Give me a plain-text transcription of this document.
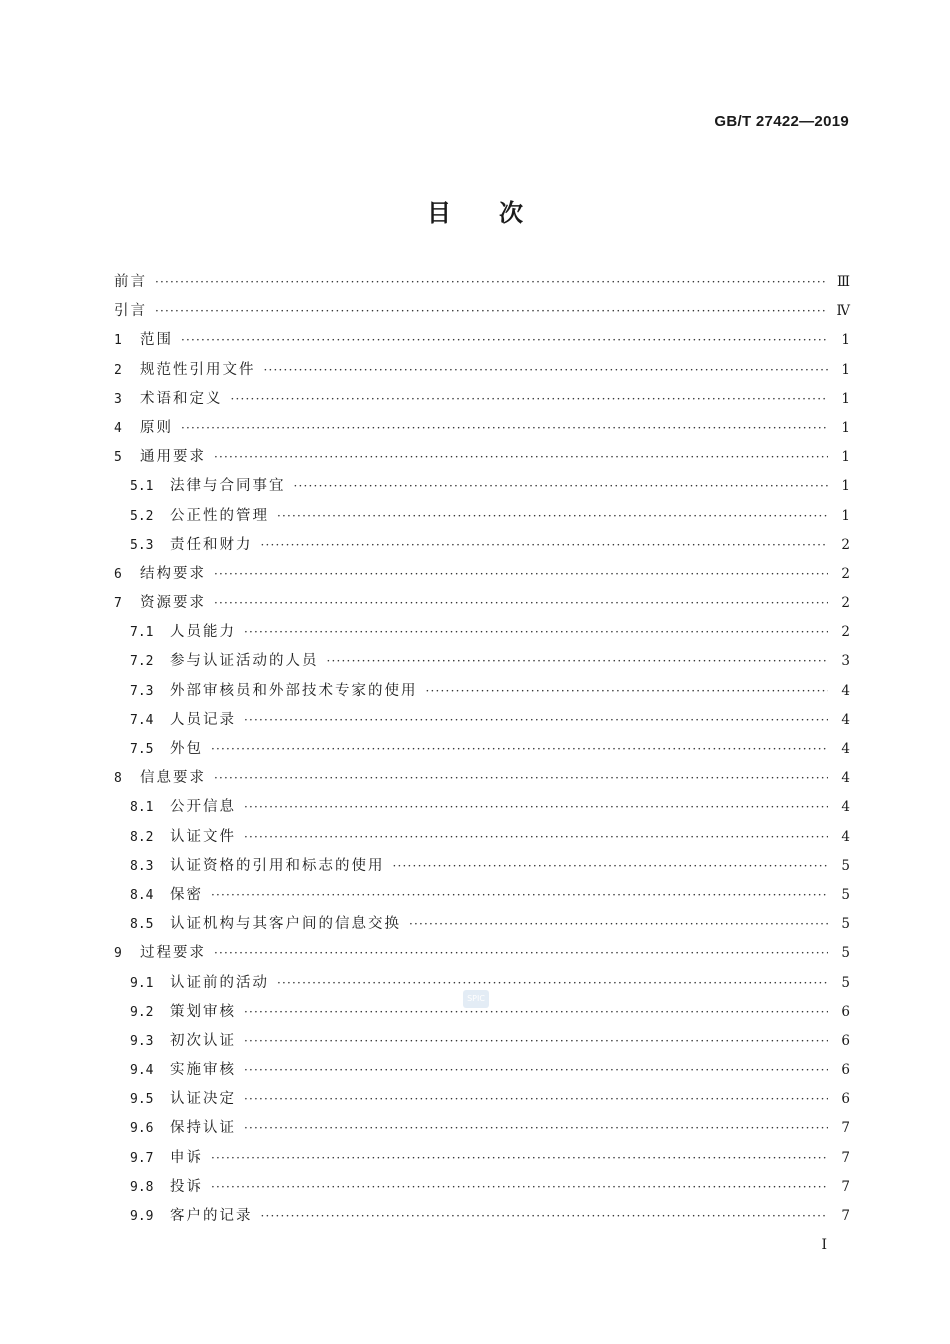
GB/T 27422—2019
目次
前言 ·····	Ⅲ
引言 ·····	Ⅳ
1	范围 ·····	1
2	规范性引用文件 ·····	1
3	术语和定义 ·····	1
4	原则 ·····	1
5	通用要求 ·····	1
5.1	法律与合同事宜 ·····	1
5.2	公正性的管理 ·····	1
5.3	责任和财力 ·····	2
6	结构要求 ·····	2
7	资源要求 ·····	2
7.1	人员能力 ·····	2
7.2	参与认证活动的人员 ·····	3
7.3	外部审核员和外部技术专家的使用 ·····	4
7.4	人员记录 ·····	4
7.5	外包 ·····	4
8	信息要求 ·····	4
8.1	公开信息 ·····	4
8.2	认证文件 ·····	4
8.3	认证资格的引用和标志的使用 ·····	5
8.4	保密 ·····	5
8.5	认证机构与其客户间的信息交换 ·····	5
9	过程要求 ·····	5
9.1	认证前的活动 ·····	5
9.2	策划审核 ·····	6
9.3	初次认证 ·····	6
9.4	实施审核 ·····	6
9.5	认证决定 ·····	6
9.6	保持认证 ·····	7
9.7	申诉 ·····	7
9.8	投诉 ·····	7
9.9	客户的记录 ·····	7
SPIC
I
